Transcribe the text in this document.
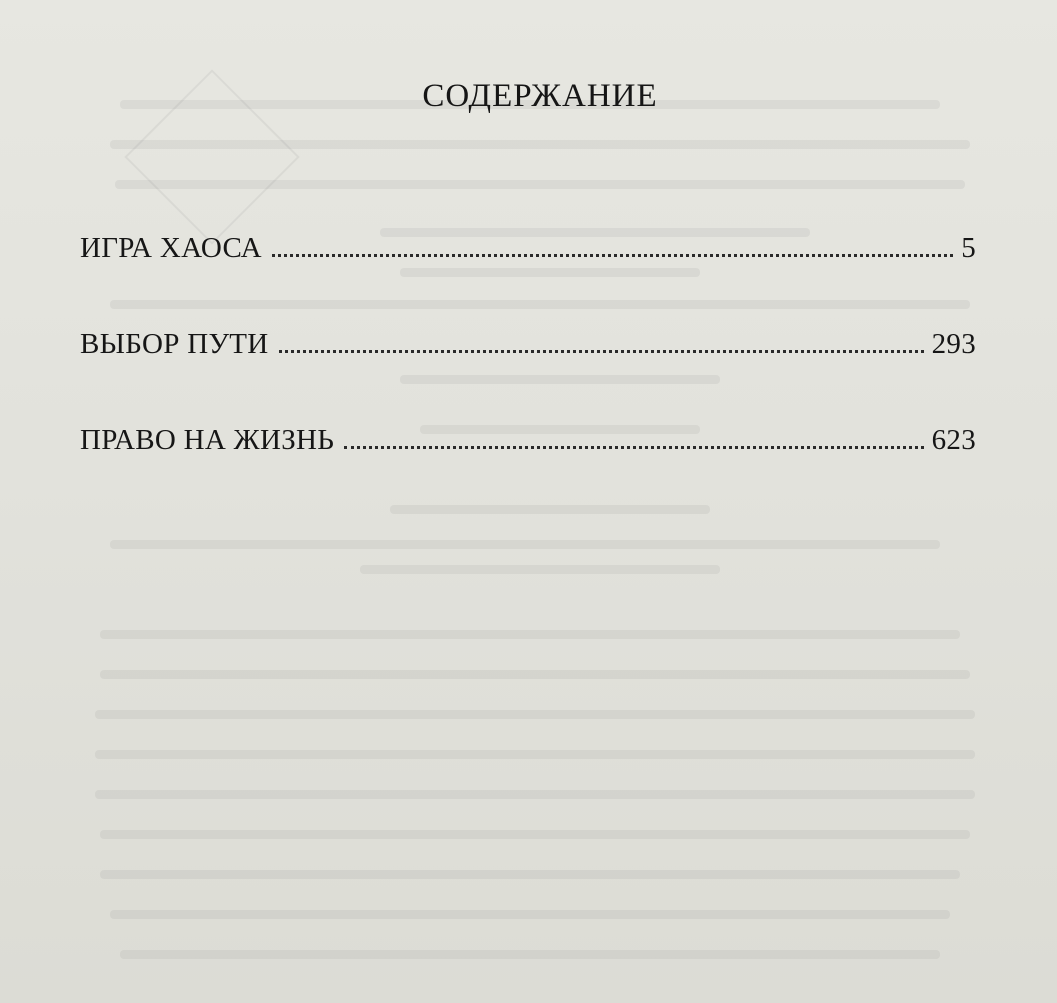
СОДЕРЖАНИЕ
ИГРА ХАОСА	5
ВЫБОР ПУТИ	293
ПРАВО НА ЖИЗНЬ	623
